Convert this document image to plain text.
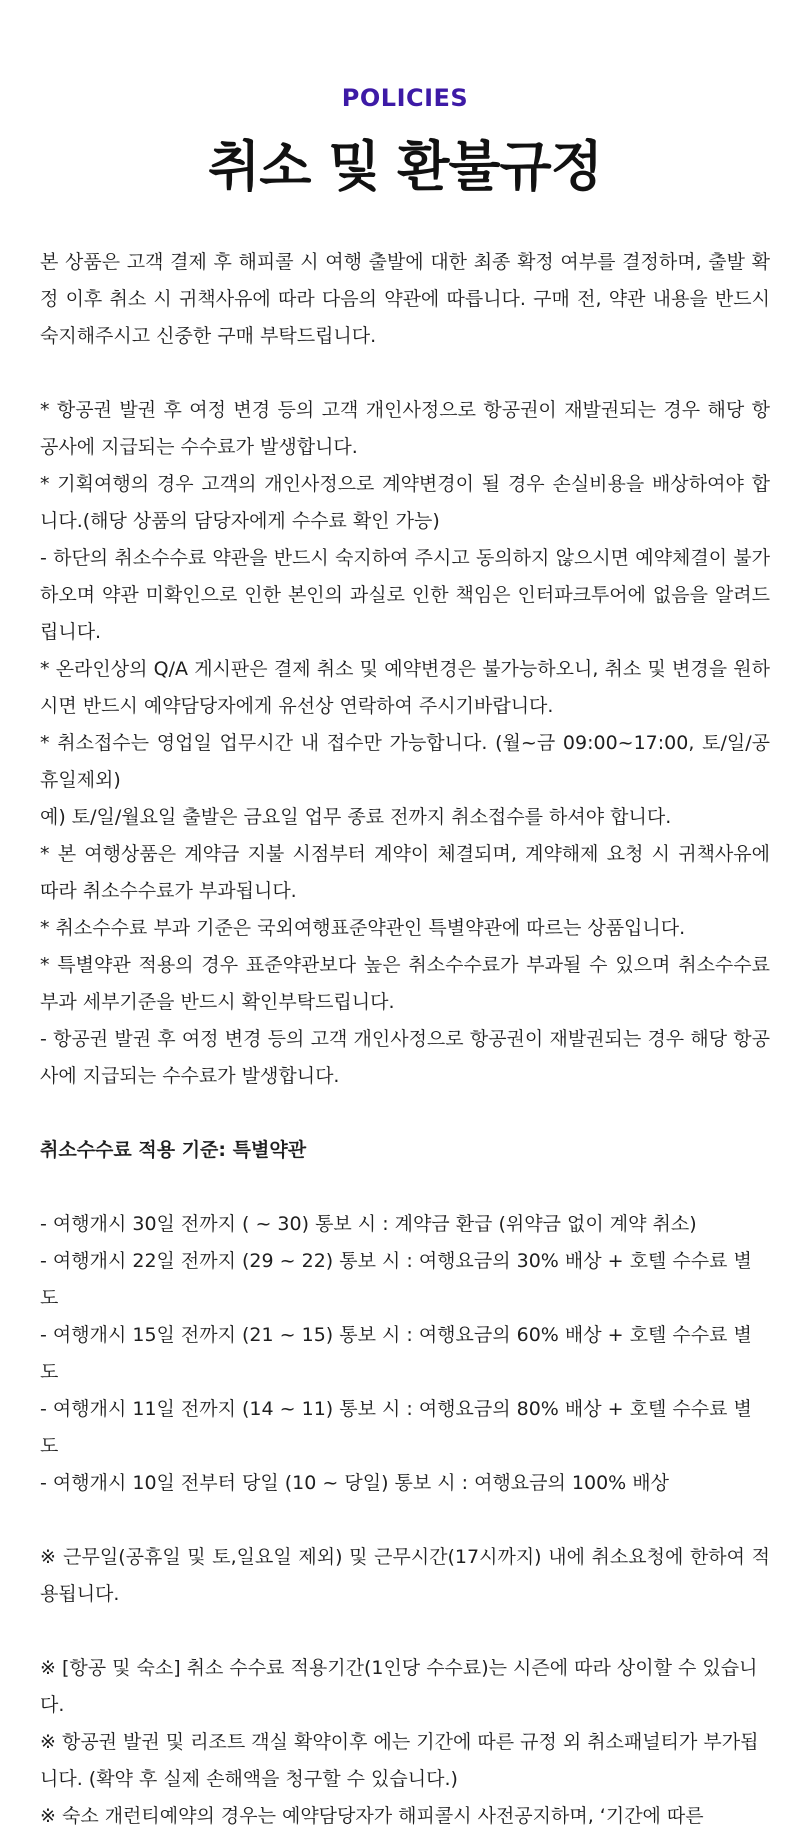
POLICIES
취소 및 환불규정

본 상품은 고객 결제 후 해피콜 시 여행 출발에 대한 최종 확정 여부를 결정하며, 출발 확정 이후 취소 시 귀책사유에 따라 다음의 약관에 따릅니다. 구매 전, 약관 내용을 반드시 숙지해주시고 신중한 구매 부탁드립니다.

* 항공권 발권 후 여정 변경 등의 고객 개인사정으로 항공권이 재발권되는 경우 해당 항공사에 지급되는 수수료가 발생합니다.

* 기획여행의 경우 고객의 개인사정으로 계약변경이 될 경우 손실비용을 배상하여야 합니다.(해당 상품의 담당자에게 수수료 확인 가능)

- 하단의 취소수수료 약관을 반드시 숙지하여 주시고 동의하지 않으시면 예약체결이 불가하오며 약관 미확인으로 인한 본인의 과실로 인한 책임은 인터파크투어에 없음을 알려드립니다.

* 온라인상의 Q/A 게시판은 결제 취소 및 예약변경은 불가능하오니, 취소 및 변경을 원하시면 반드시 예약담당자에게 유선상 연락하여 주시기바랍니다.

* 취소접수는 영업일 업무시간 내 접수만 가능합니다. (월~금 09:00~17:00, 토/일/공휴일제외)

예) 토/일/월요일 출발은 금요일 업무 종료 전까지 취소접수를 하셔야 합니다.

* 본 여행상품은 계약금 지불 시점부터 계약이 체결되며, 계약해제 요청 시 귀책사유에 따라 취소수수료가 부과됩니다.

* 취소수수료 부과 기준은 국외여행표준약관인 특별약관에 따르는 상품입니다.

* 특별약관 적용의 경우 표준약관보다 높은 취소수수료가 부과될 수 있으며 취소수수료 부과 세부기준을 반드시 확인부탁드립니다.

- 항공권 발권 후 여정 변경 등의 고객 개인사정으로 항공권이 재발권되는 경우 해당 항공사에 지급되는 수수료가 발생합니다.

취소수수료 적용 기준: 특별약관

- 여행개시 30일 전까지 ( ~ 30) 통보 시 : 계약금 환급 (위약금 없이 계약 취소)

- 여행개시 22일 전까지 (29 ~ 22) 통보 시 : 여행요금의 30% 배상 + 호텔 수수료 별도

- 여행개시 15일 전까지 (21 ~ 15) 통보 시 : 여행요금의 60% 배상 + 호텔 수수료 별도

- 여행개시 11일 전까지 (14 ~ 11) 통보 시 : 여행요금의 80% 배상 + 호텔 수수료 별도

- 여행개시 10일 전부터 당일 (10 ~ 당일) 통보 시 : 여행요금의 100% 배상

※ 근무일(공휴일 및 토,일요일 제외) 및 근무시간(17시까지) 내에 취소요청에 한하여 적용됩니다.

※ [항공 및 숙소] 취소 수수료 적용기간(1인당 수수료)는 시즌에 따라 상이할 수 있습니다.

※ 항공권 발권 및 리조트 객실 확약이후 에는 기간에 따른 규정 외 취소패널티가 부가됩니다. (확약 후 실제 손해액을 청구할 수 있습니다.)

※ 숙소 개런티예약의 경우는 예약담당자가 해피콜시 사전공지하며, ‘기간에 따른
